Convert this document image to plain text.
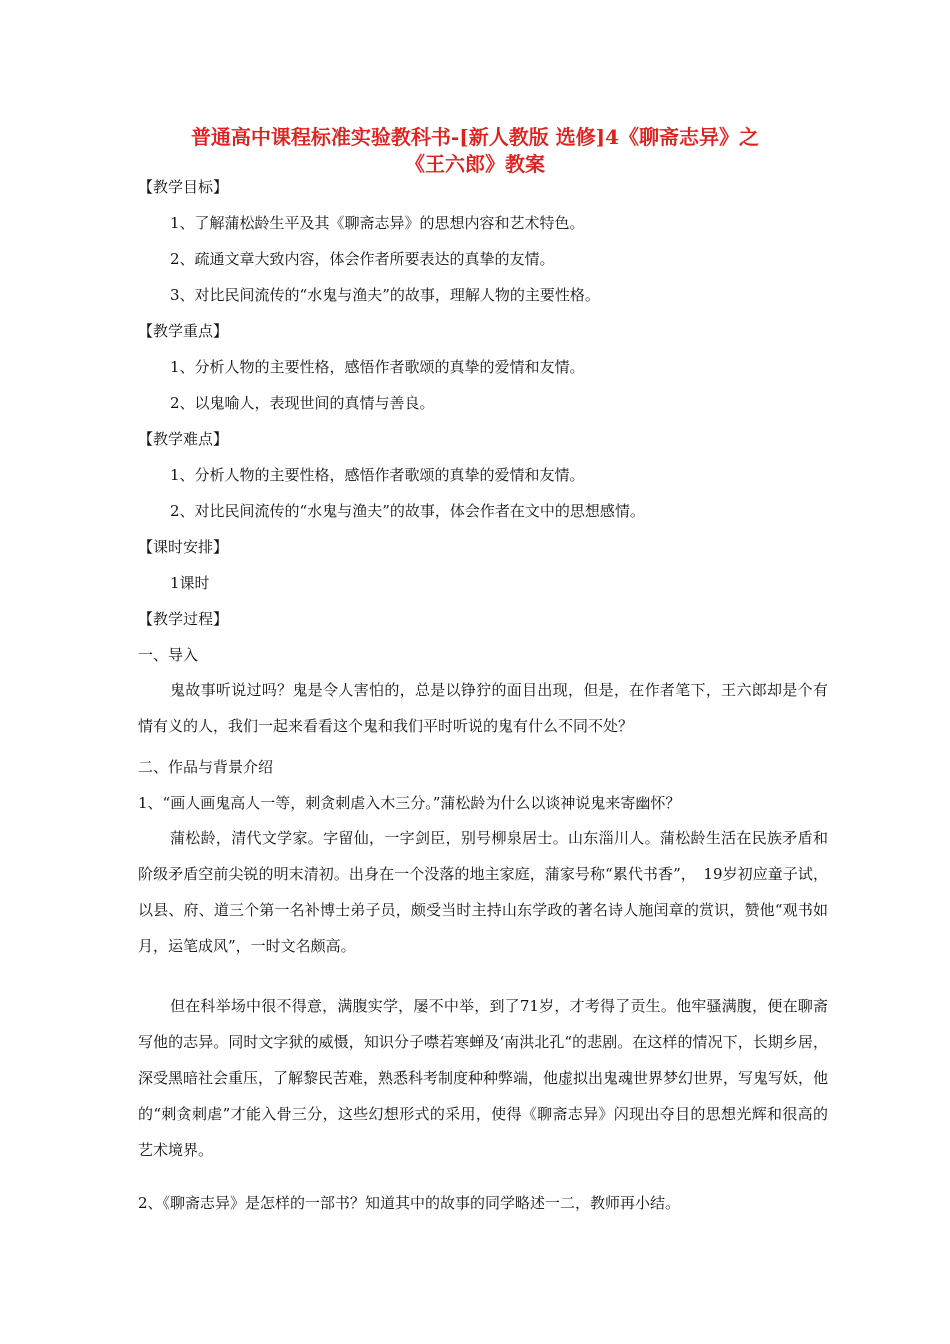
普通高中课程标准实验教科书-[新人教版 选修]4《聊斋志异》之
《王六郎》教案
【教学目标】
1、了解蒲松龄生平及其《聊斋志异》的思想内容和艺术特色。
2、疏通文章大致内容，体会作者所要表达的真挚的友情。
3、对比民间流传的“水鬼与渔夫”的故事，理解人物的主要性格。
【教学重点】
1、分析人物的主要性格，感悟作者歌颂的真挚的爱情和友情。
2、以鬼喻人，表现世间的真情与善良。
【教学难点】
1、分析人物的主要性格，感悟作者歌颂的真挚的爱情和友情。
2、对比民间流传的“水鬼与渔夫”的故事，体会作者在文中的思想感情。
【课时安排】
1课时
【教学过程】
一、导入
鬼故事听说过吗？鬼是令人害怕的，总是以铮狞的面目出现，但是，在作者笔下，王六郎却是个有情有义的人，我们一起来看看这个鬼和我们平时听说的鬼有什么不同不处？
二、作品与背景介绍
1、“画人画鬼高人一等，刺贪刺虐入木三分。”蒲松龄为什么以谈神说鬼来寄幽怀？
蒲松龄，清代文学家。字留仙，一字剑臣，别号柳泉居士。山东淄川人。蒲松龄生活在民族矛盾和阶级矛盾空前尖锐的明末清初。出身在一个没落的地主家庭，蒲家号称“累代书香”，　19岁初应童子试，以县、府、道三个第一名补博士弟子员，颇受当时主持山东学政的著名诗人施闰章的赏识，赞他“观书如月，运笔成风”，一时文名颇高。
但在科举场中很不得意，满腹实学，屡不中举，到了71岁，才考得了贡生。他牢骚满腹，便在聊斋写他的志异。同时文字狱的威慑，知识分子噤若寒蝉及‘南洪北孔“的悲剧。在这样的情况下，长期乡居，深受黑暗社会重压，了解黎民苦难，熟悉科考制度种种弊端，他虚拟出鬼魂世界梦幻世界，写鬼写妖，他的“刺贪刺虐”才能入骨三分，这些幻想形式的采用，使得《聊斋志异》闪现出夺目的思想光辉和很高的艺术境界。
2、《聊斋志异》是怎样的一部书？知道其中的故事的同学略述一二，教师再小结。
